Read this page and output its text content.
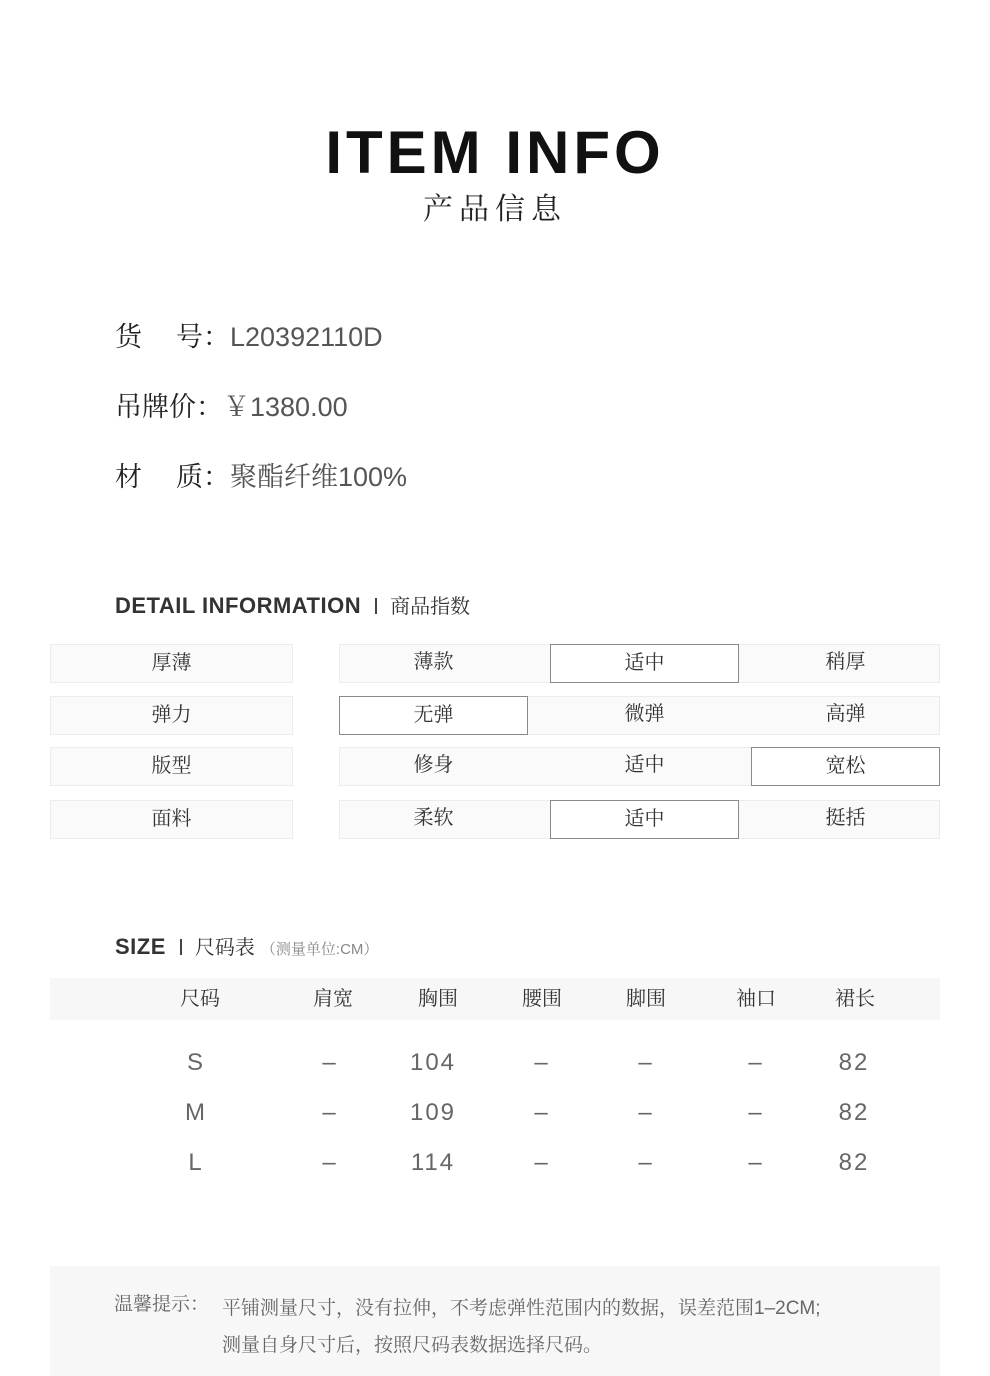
ITEM INFO
产品信息
货 号：L20392110D
吊牌价：￥1380.00
材 质：聚酯纤维100%
DETAIL INFORMATION 商品指数
厚薄	薄款	适中	稍厚
弹力	无弹	微弹	高弹
版型	修身	适中	宽松
面料	柔软	适中	挺括
SIZE 尺码表 （测量单位:CM）
尺码	肩宽	胸围	腰围	脚围	袖口	裙长
S	–	104	–	–	–	82
M	–	109	–	–	–	82
L	–	114	–	–	–	82
温馨提示： 平铺测量尺寸，没有拉伸，不考虑弹性范围内的数据，误差范围1–2CM;
测量自身尺寸后，按照尺码表数据选择尺码。
